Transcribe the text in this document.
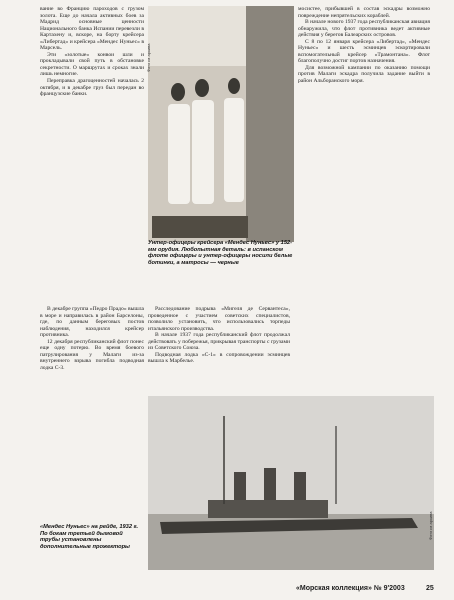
вание во Францию пароходов с грузом золота. Еще до начала активных боев за Мадрид основные ценности Национального банка Испании перевезли в Картахену и, вскоре, на борту крейсера «Либертад» и крейсера «Мендес Нуньес» в Марсель.

Эти «золотые» конвои шли и прокладывали свой путь в обстановке секретности. О маршрутах и сроках знали лишь немногие.

Переправка драгоценностей началась 2 октября, и в декабре груз был передан во французские банки.

Фото из архива

мосистее, прибывшей в состав эскадры возможно повреждение непрятельских кораблей.

В начале нового 1937 года республиканская авиация обнаружила, что флот противника ведет активные действия у берегов Балеарских островов.

С 8 по 12 января крейсера «Либертад», «Мендес Нуньес» и шесть эсминцев эскортировали вспомогательный крейсер «Трамонтана». Флот благополучно достиг портов назначения.

Для возможной кампании по оказанию помощи против Малаги эскадра получила задание выйти в район Альборанского моря.

Унтер-офицеры крейсера «Мендес Нуньес» у 152-мм орудия. Любопытная деталь: в испанском флоте офицеры и унтер-офицеры носили белые ботинки, а матросы — черные

Расследование подрыва «Мигеля де Сервантеса», проведенное с участием советских специалистов, позволило установить, что использовались торпеды итальянского производства.

В начале 1937 года республиканский флот продолжал действовать у побережья, прикрывая транспорты с грузами из Советского Союза.

Подводная лодка «С-1» в сопровождении эсминцев вышла к Марбелье.

В декабре группа «Педро Прадо» вышла в море и направилась в район Барселоны, где, по данным береговых постов наблюдения, находился крейсер противника.

12 декабря республиканский флот понес еще одну потерю. Во время боевого патрулирования у Малаги из-за внутреннего взрыва погибла подводная лодка С-3.

Фото из архива
«Мендес Нуньес» на рейде, 1932 г. По бокам третьей дымовой трубы установлены дополнительные прожекторы
«Морская коллекция» № 9'2003	25
